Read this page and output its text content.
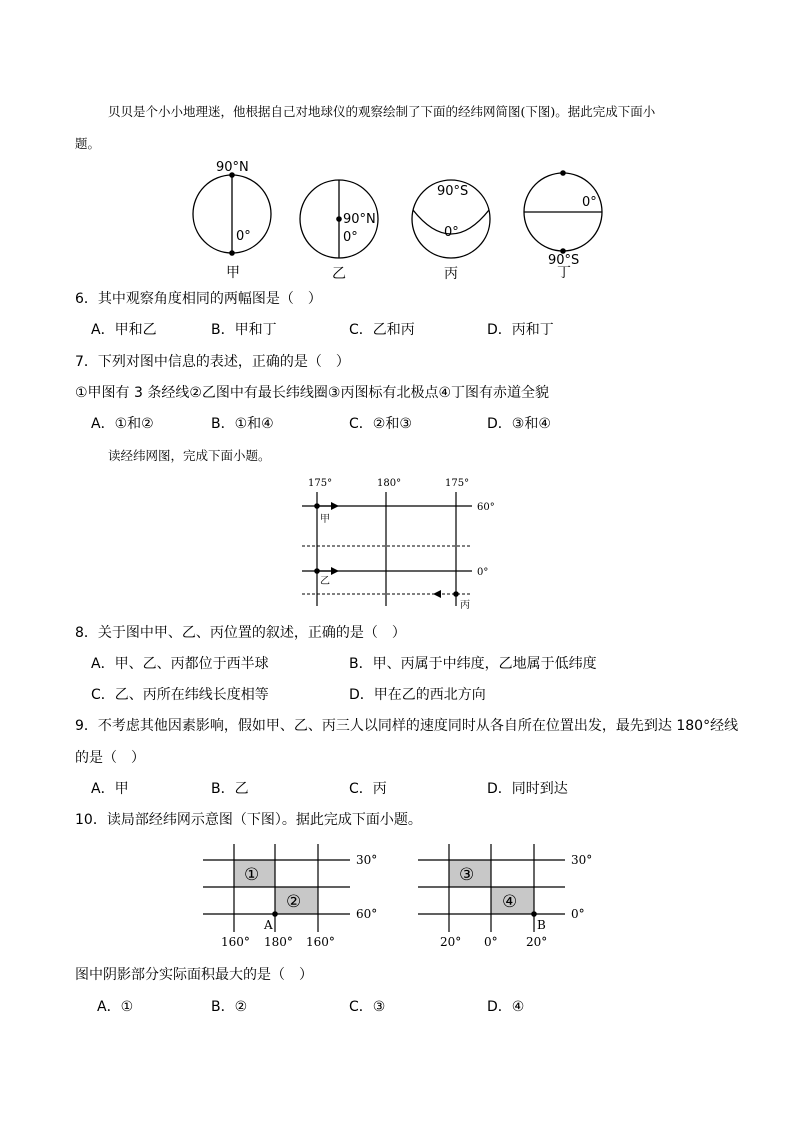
贝贝是个小小地理迷，他根据自己对地球仪的观察绘制了下面的经纬网简图(下图)。据此完成下面小
题。
90°N
0°
甲
90°N
0°
乙
90°S
0°
丙
0°
90°S
丁
6．其中观察角度相同的两幅图是（　）
A．甲和乙	B．甲和丁	C．乙和丙	D．丙和丁
7．下列对图中信息的表述，正确的是（　）
①甲图有 3 条经线②乙图中有最长纬线圈③丙图标有北极点④丁图有赤道全貌
A．①和②	B．①和④	C．②和③	D．③和④
读经纬网图，完成下面小题。
175°	180°	175°
60°
0°
甲
乙
丙
8．关于图中甲、乙、丙位置的叙述，正确的是（　）
A．甲、乙、丙都位于西半球	B．甲、丙属于中纬度，乙地属于低纬度
C．乙、丙所在纬线长度相等	D．甲在乙的西北方向
9．不考虑其他因素影响，假如甲、乙、丙三人以同样的速度同时从各自所在位置出发，最先到达 180°经线
的是（　）
A．甲	B．乙	C．丙	D．同时到达
10．读局部经纬网示意图（下图）。据此完成下面小题。
①
②
A
30°
60°
160° 180° 160°
③
④
B
30°
0°
20° 0° 20°
图中阴影部分实际面积最大的是（　）
A．①	B．②	C．③	D．④
